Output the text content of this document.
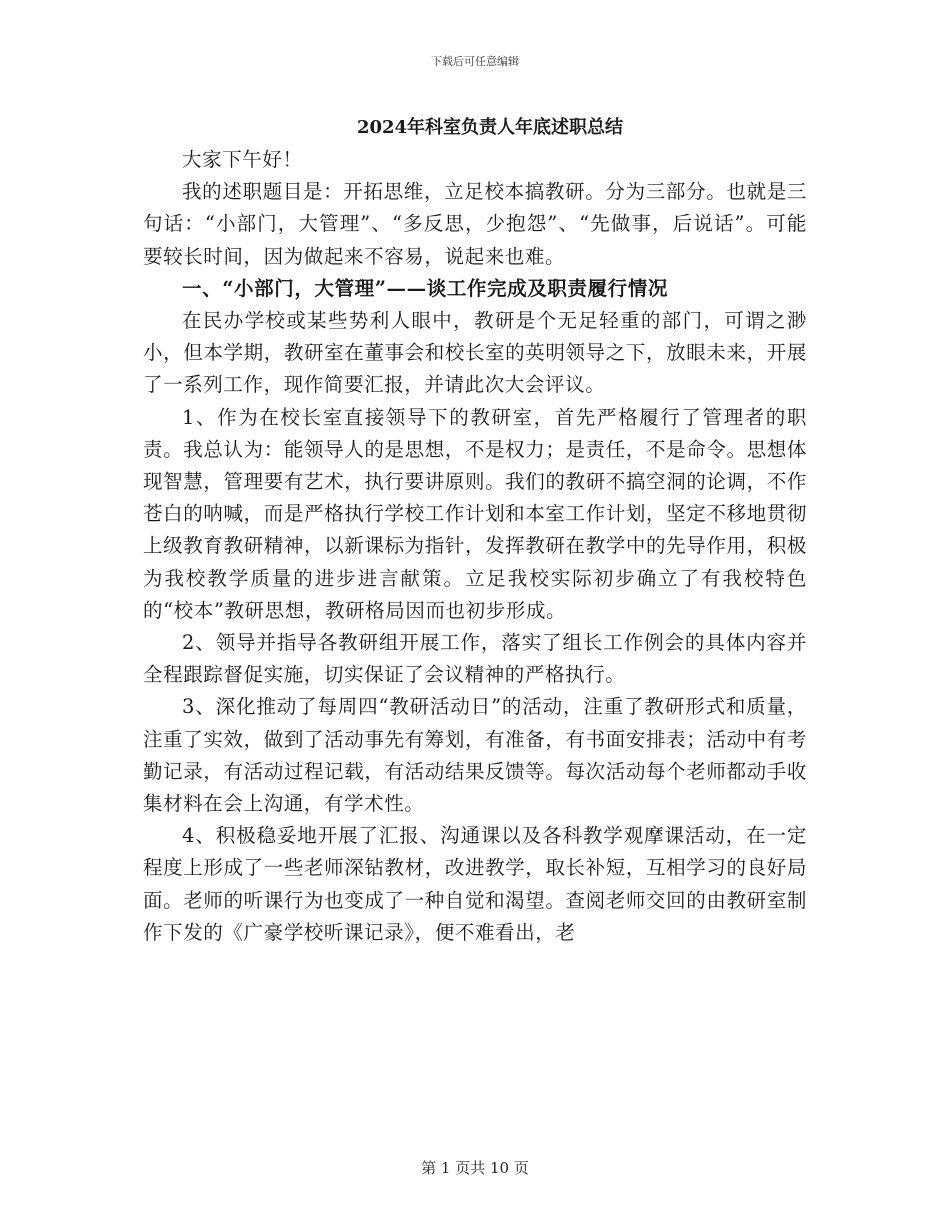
下载后可任意编辑
2024年科室负责人年底述职总结

大家下午好！

我的述职题目是：开拓思维，立足校本搞教研。分为三部分。也就是三句话：“小部门，大管理”、“多反思，少抱怨”、“先做事，后说话”。可能要较长时间，因为做起来不容易，说起来也难。

一、“小部门，大管理”——谈工作完成及职责履行情况

在民办学校或某些势利人眼中，教研是个无足轻重的部门，可谓之渺小，但本学期，教研室在董事会和校长室的英明领导之下，放眼未来，开展了一系列工作，现作简要汇报，并请此次大会评议。

1、作为在校长室直接领导下的教研室，首先严格履行了管理者的职责。我总认为：能领导人的是思想，不是权力；是责任，不是命令。思想体现智慧，管理要有艺术，执行要讲原则。我们的教研不搞空洞的论调，不作苍白的呐喊，而是严格执行学校工作计划和本室工作计划，坚定不移地贯彻上级教育教研精神，以新课标为指针，发挥教研在教学中的先导作用，积极为我校教学质量的进步进言献策。立足我校实际初步确立了有我校特色的“校本”教研思想，教研格局因而也初步形成。

2、领导并指导各教研组开展工作，落实了组长工作例会的具体内容并全程跟踪督促实施，切实保证了会议精神的严格执行。

3、深化推动了每周四“教研活动日”的活动，注重了教研形式和质量，注重了实效，做到了活动事先有筹划，有准备，有书面安排表；活动中有考勤记录，有活动过程记载，有活动结果反馈等。每次活动每个老师都动手收集材料在会上沟通，有学术性。

4、积极稳妥地开展了汇报、沟通课以及各科教学观摩课活动，在一定程度上形成了一些老师深钻教材，改进教学，取长补短，互相学习的良好局面。老师的听课行为也变成了一种自觉和渴望。查阅老师交回的由教研室制作下发的《广豪学校听课记录》，便不难看出，老

第 1 页共 10 页
